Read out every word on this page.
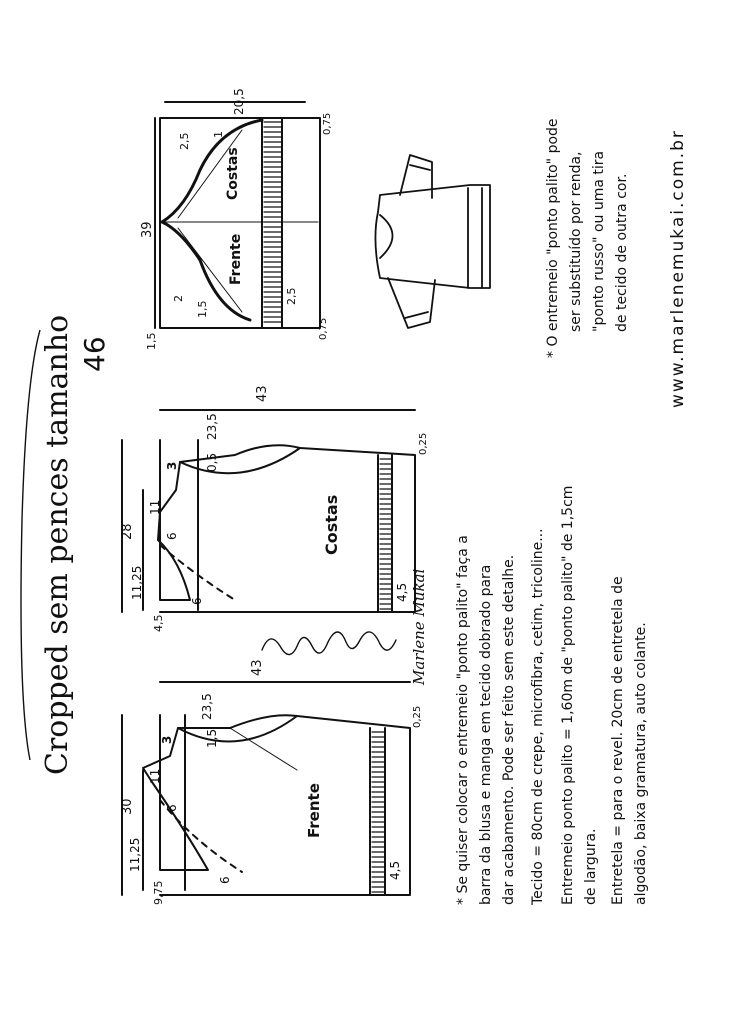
Cropped sem pences tamanho 46
Frente
30
11,25
9,75
11
3
43
23,5
1,5
6
6
4,5
0,25
Costas
28
11,25
4,5
11
3
43
23,5
0,5
6
6	4,5
0,25
Frente
Costas
39
20,5
2,5
2
1
1,5
2,5
0,75
0,75
1,5
Marlene Mukai * Se quiser colocar o entremeio "ponto palito" faça a barra da blusa e manga em tecido dobrado para dar acabamento. Pode ser feito sem este detalhe. Tecido = 80cm de crepe, microfibra, cetim, tricoline... Entremeio ponto palito = 1,60m de "ponto palito" de 1,5cm de largura. Entretela = para o revel. 20cm de entretela de algodão, baixa gramatura, auto colante.
* O entremeio "ponto palito" pode ser substituído por renda, "ponto russo" ou uma tira de tecido de outra cor. www.marlenemukai.com.br
